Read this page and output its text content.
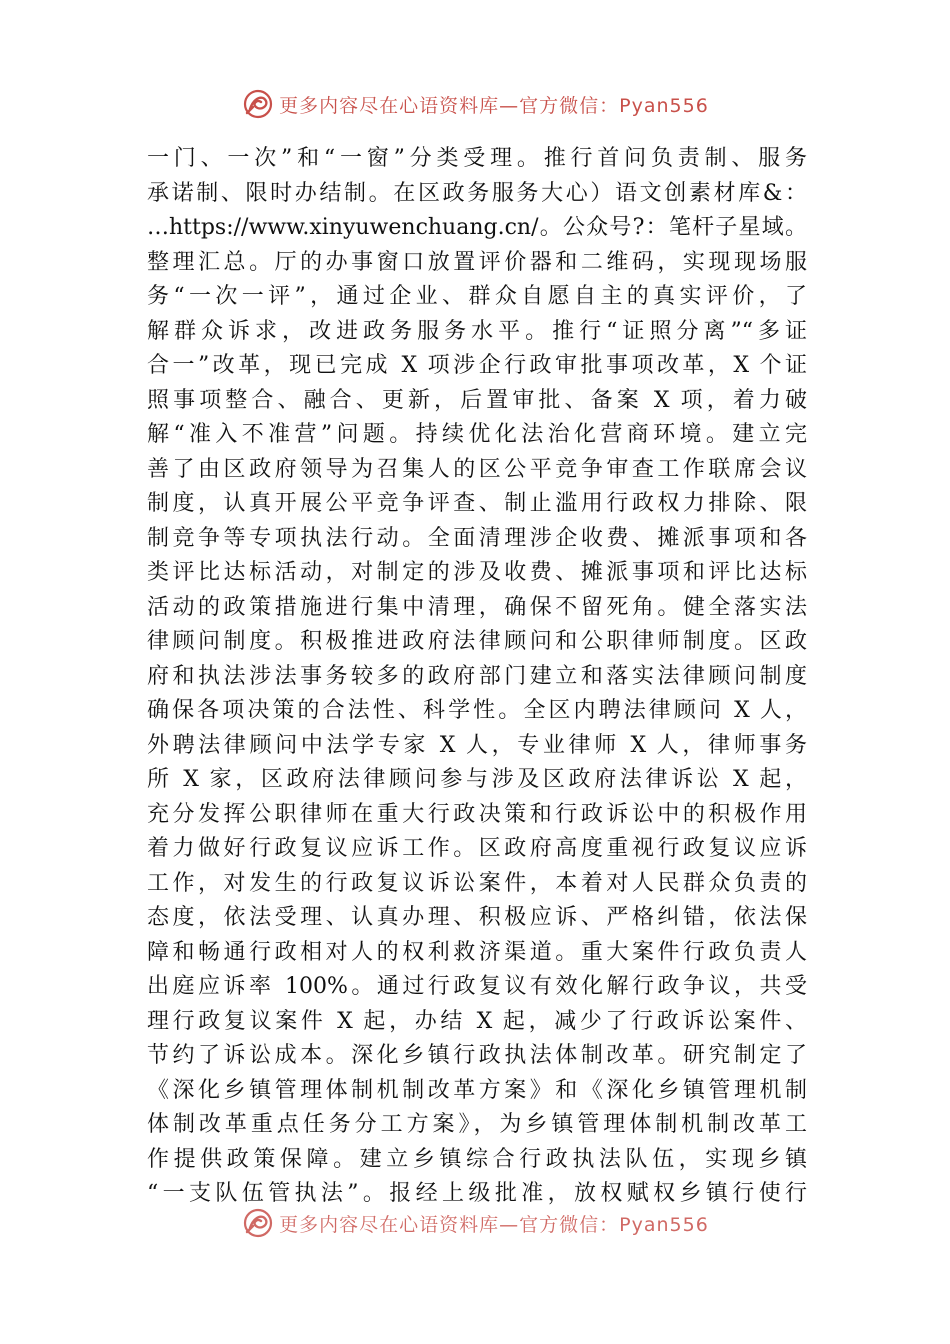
更多内容尽在心语资料库—官方微信：Pyan556

一门、一次”和“一窗”分类受理。推行首问负责制、服务

承诺制、限时办结制。在区政务服务大心）语文创素材库&：

…https://www.xinyuwenchuang.cn/。公众号?：笔杆子星域。

整理汇总。厅的办事窗口放置评价器和二维码，实现现场服

务“一次一评”，通过企业、群众自愿自主的真实评价，了

解群众诉求，改进政务服务水平。推行“证照分离”“多证

合一”改革，现已完成 X 项涉企行政审批事项改革，X 个证

照事项整合、融合、更新，后置审批、备案 X 项，着力破

解“准入不准营”问题。持续优化法治化营商环境。建立完

善了由区政府领导为召集人的区公平竞争审查工作联席会议

制度，认真开展公平竞争评查、制止滥用行政权力排除、限

制竞争等专项执法行动。全面清理涉企收费、摊派事项和各

类评比达标活动，对制定的涉及收费、摊派事项和评比达标

活动的政策措施进行集中清理，确保不留死角。健全落实法

律顾问制度。积极推进政府法律顾问和公职律师制度。区政

府和执法涉法事务较多的政府部门建立和落实法律顾问制度

确保各项决策的合法性、科学性。全区内聘法律顾问 X 人，

外聘法律顾问中法学专家 X 人，专业律师 X 人，律师事务

所 X 家，区政府法律顾问参与涉及区政府法律诉讼 X 起，

充分发挥公职律师在重大行政决策和行政诉讼中的积极作用

着力做好行政复议应诉工作。区政府高度重视行政复议应诉

工作，对发生的行政复议诉讼案件，本着对人民群众负责的

态度，依法受理、认真办理、积极应诉、严格纠错，依法保

障和畅通行政相对人的权利救济渠道。重大案件行政负责人

出庭应诉率 100%。通过行政复议有效化解行政争议，共受

理行政复议案件 X 起，办结 X 起，减少了行政诉讼案件、

节约了诉讼成本。深化乡镇行政执法体制改革。研究制定了

《深化乡镇管理体制机制改革方案》和《深化乡镇管理机制

体制改革重点任务分工方案》，为乡镇管理体制机制改革工

作提供政策保障。建立乡镇综合行政执法队伍，实现乡镇

“一支队伍管执法”。报经上级批准，放权赋权乡镇行使行

更多内容尽在心语资料库—官方微信：Pyan556
